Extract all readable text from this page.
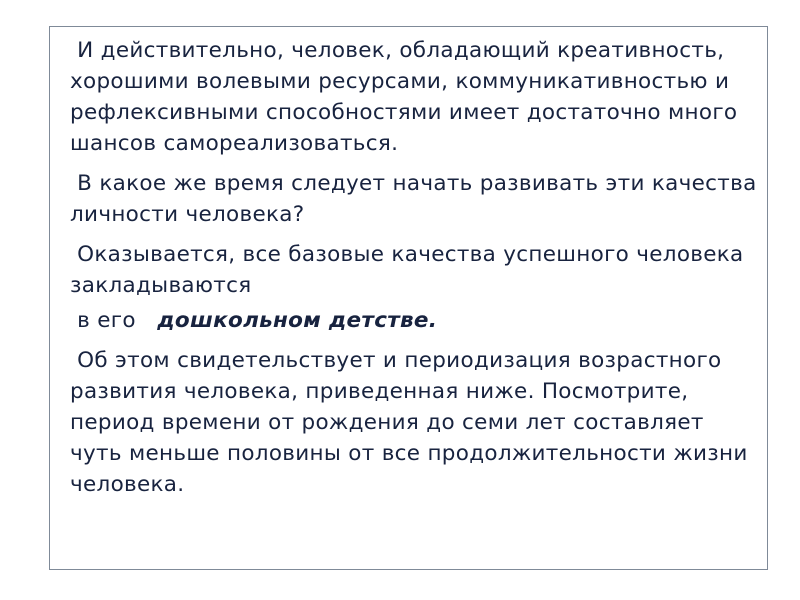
И действительно, человек, обладающий креативность, хорошими волевыми ресурсами, коммуникативностью и рефлексивными способностями имеет достаточно много шансов самореализоваться.

В какое же время следует начать развивать эти качества личности человека?

Оказывается, все базовые качества успешного человека закладываются

в его дошкольном детстве.

Об этом свидетельствует и периодизация возрастного развития человека, приведенная ниже. Посмотрите, период времени от рождения до семи лет составляет чуть меньше половины от все продолжительности жизни человека.
